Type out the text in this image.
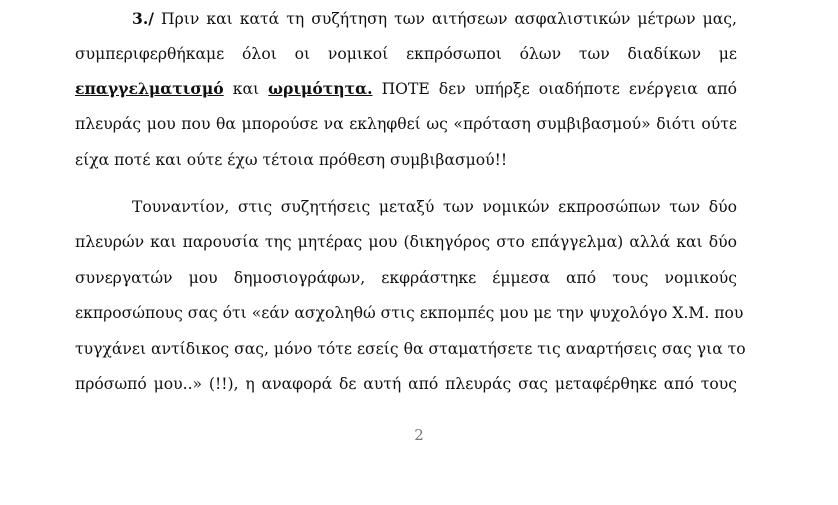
3./ Πριν και κατά τη συζήτηση των αιτήσεων ασφαλιστικών μέτρων μας,
συμπεριφερθήκαμε όλοι οι νομικοί εκπρόσωποι όλων των διαδίκων με
επαγγελματισμό και ωριμότητα. ΠΟΤΕ δεν υπήρξε οιαδήποτε ενέργεια από
πλευράς μου που θα μπορούσε να εκληφθεί ως «πρόταση συμβιβασμού» διότι ούτε
είχα ποτέ και ούτε έχω τέτοια πρόθεση συμβιβασμού!!
Τουναντίον, στις συζητήσεις μεταξύ των νομικών εκπροσώπων των δύο
πλευρών και παρουσία της μητέρας μου (δικηγόρος στο επάγγελμα) αλλά και δύο
συνεργατών μου δημοσιογράφων, εκφράστηκε έμμεσα από τους νομικούς
εκπροσώπους σας ότι «εάν ασχοληθώ στις εκπομπές μου με την ψυχολόγο Χ.Μ. που
τυγχάνει αντίδικος σας, μόνο τότε εσείς θα σταματήσετε τις αναρτήσεις σας για το
πρόσωπό μου..» (!!), η αναφορά δε αυτή από πλευράς σας μεταφέρθηκε από τους
2
